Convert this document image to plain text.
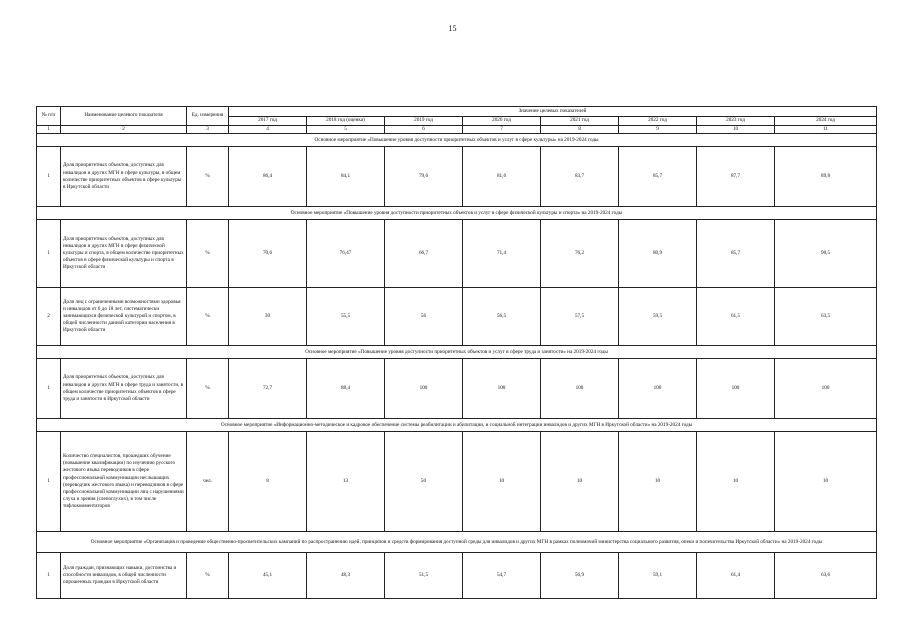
15
№ п/п	Наименование целевого показателя	Ед. измерения	Значение целевых показателей							
			2017 год	2018 год (оценка)	2019 год	2020 год	2021 год	2022 год	2023 год	2024 год
1	2	3	4	5	6	7	8	9	10	11
Основное мероприятие «Повышение уровня доступности приоритетных объектов и услуг в сфере культуры» на 2019-2024 годы										
1	Доля приоритетных объектов, доступных для инвалидов и других МГН в сфере культуры, в общем количестве приоритетных объектов в сфере культуры в Иркутской области	%	86,4	84,1	79,6	81,6	83,7	85,7	87,7	89,8
Основное мероприятие «Повышение уровня доступности приоритетных объектов и услуг в сфере физической культуры и спорта» на 2019-2024 годы										
1	Доля приоритетных объектов, доступных для инвалидов и других МГН в сфере физической культуры и спорта, в общем количестве приоритетных объектов в сфере физической культуры и спорта в Иркутской области	%	70,6	76,47	66,7	71,4	76,2	80,9	85,7	90,5
2	Доля лиц с ограниченными возможностями здоровья и инвалидов от 6 до 18 лет, систематически занимающихся физической культурой и спортом, в общей численности данной категории населения в Иркутской области	%	30	55,5	56	56,5	57,5	59,5	61,5	63,5
Основное мероприятие «Повышение уровня доступности приоритетных объектов и услуг в сфере труда и занятости» на 2019-2024 годы										
1	Доля приоритетных объектов, доступных для инвалидов и других МГН в сфере труда и занятости, в общем количестве приоритетных объектов в сфере труда и занятости в Иркутской области	%	72,7	88,4	100	100	100	100	100	100
Основное мероприятие «Информационно-методическое и кадровое обеспечение системы реабилитации и абилитации, и социальной интеграции инвалидов и других МГН в Иркутской области» на 2019-2024 годы										
1	Количество специалистов, прошедших обучение (повышение квалификации) по изучению русского жестового языка переводчиков в сфере профессиональной коммуникации неслышащих (переводчик жестового языка) и переводчиков в сфере профессиональной коммуникации лиц с нарушениями слуха и зрения (слепоглухих), в том числе тифлокомментаторов	чел.	8	13	50	10	10	10	10	10
Основное мероприятие «Организация и проведение общественно-просветительских кампаний по распространению идей, принципов и средств формирования доступной среды для инвалидов и других МГН в рамках полномочий министерства социального развития, опеки и попечительства Иркутской области» на 2019-2024 годы										
1	Доля граждан, признающих навыки, достоинства и способности инвалидов, в общей численности опрошенных граждан в Иркутской области	%	45,1	48,3	51,5	54,7	56,9	59,1	61,4	63,6
